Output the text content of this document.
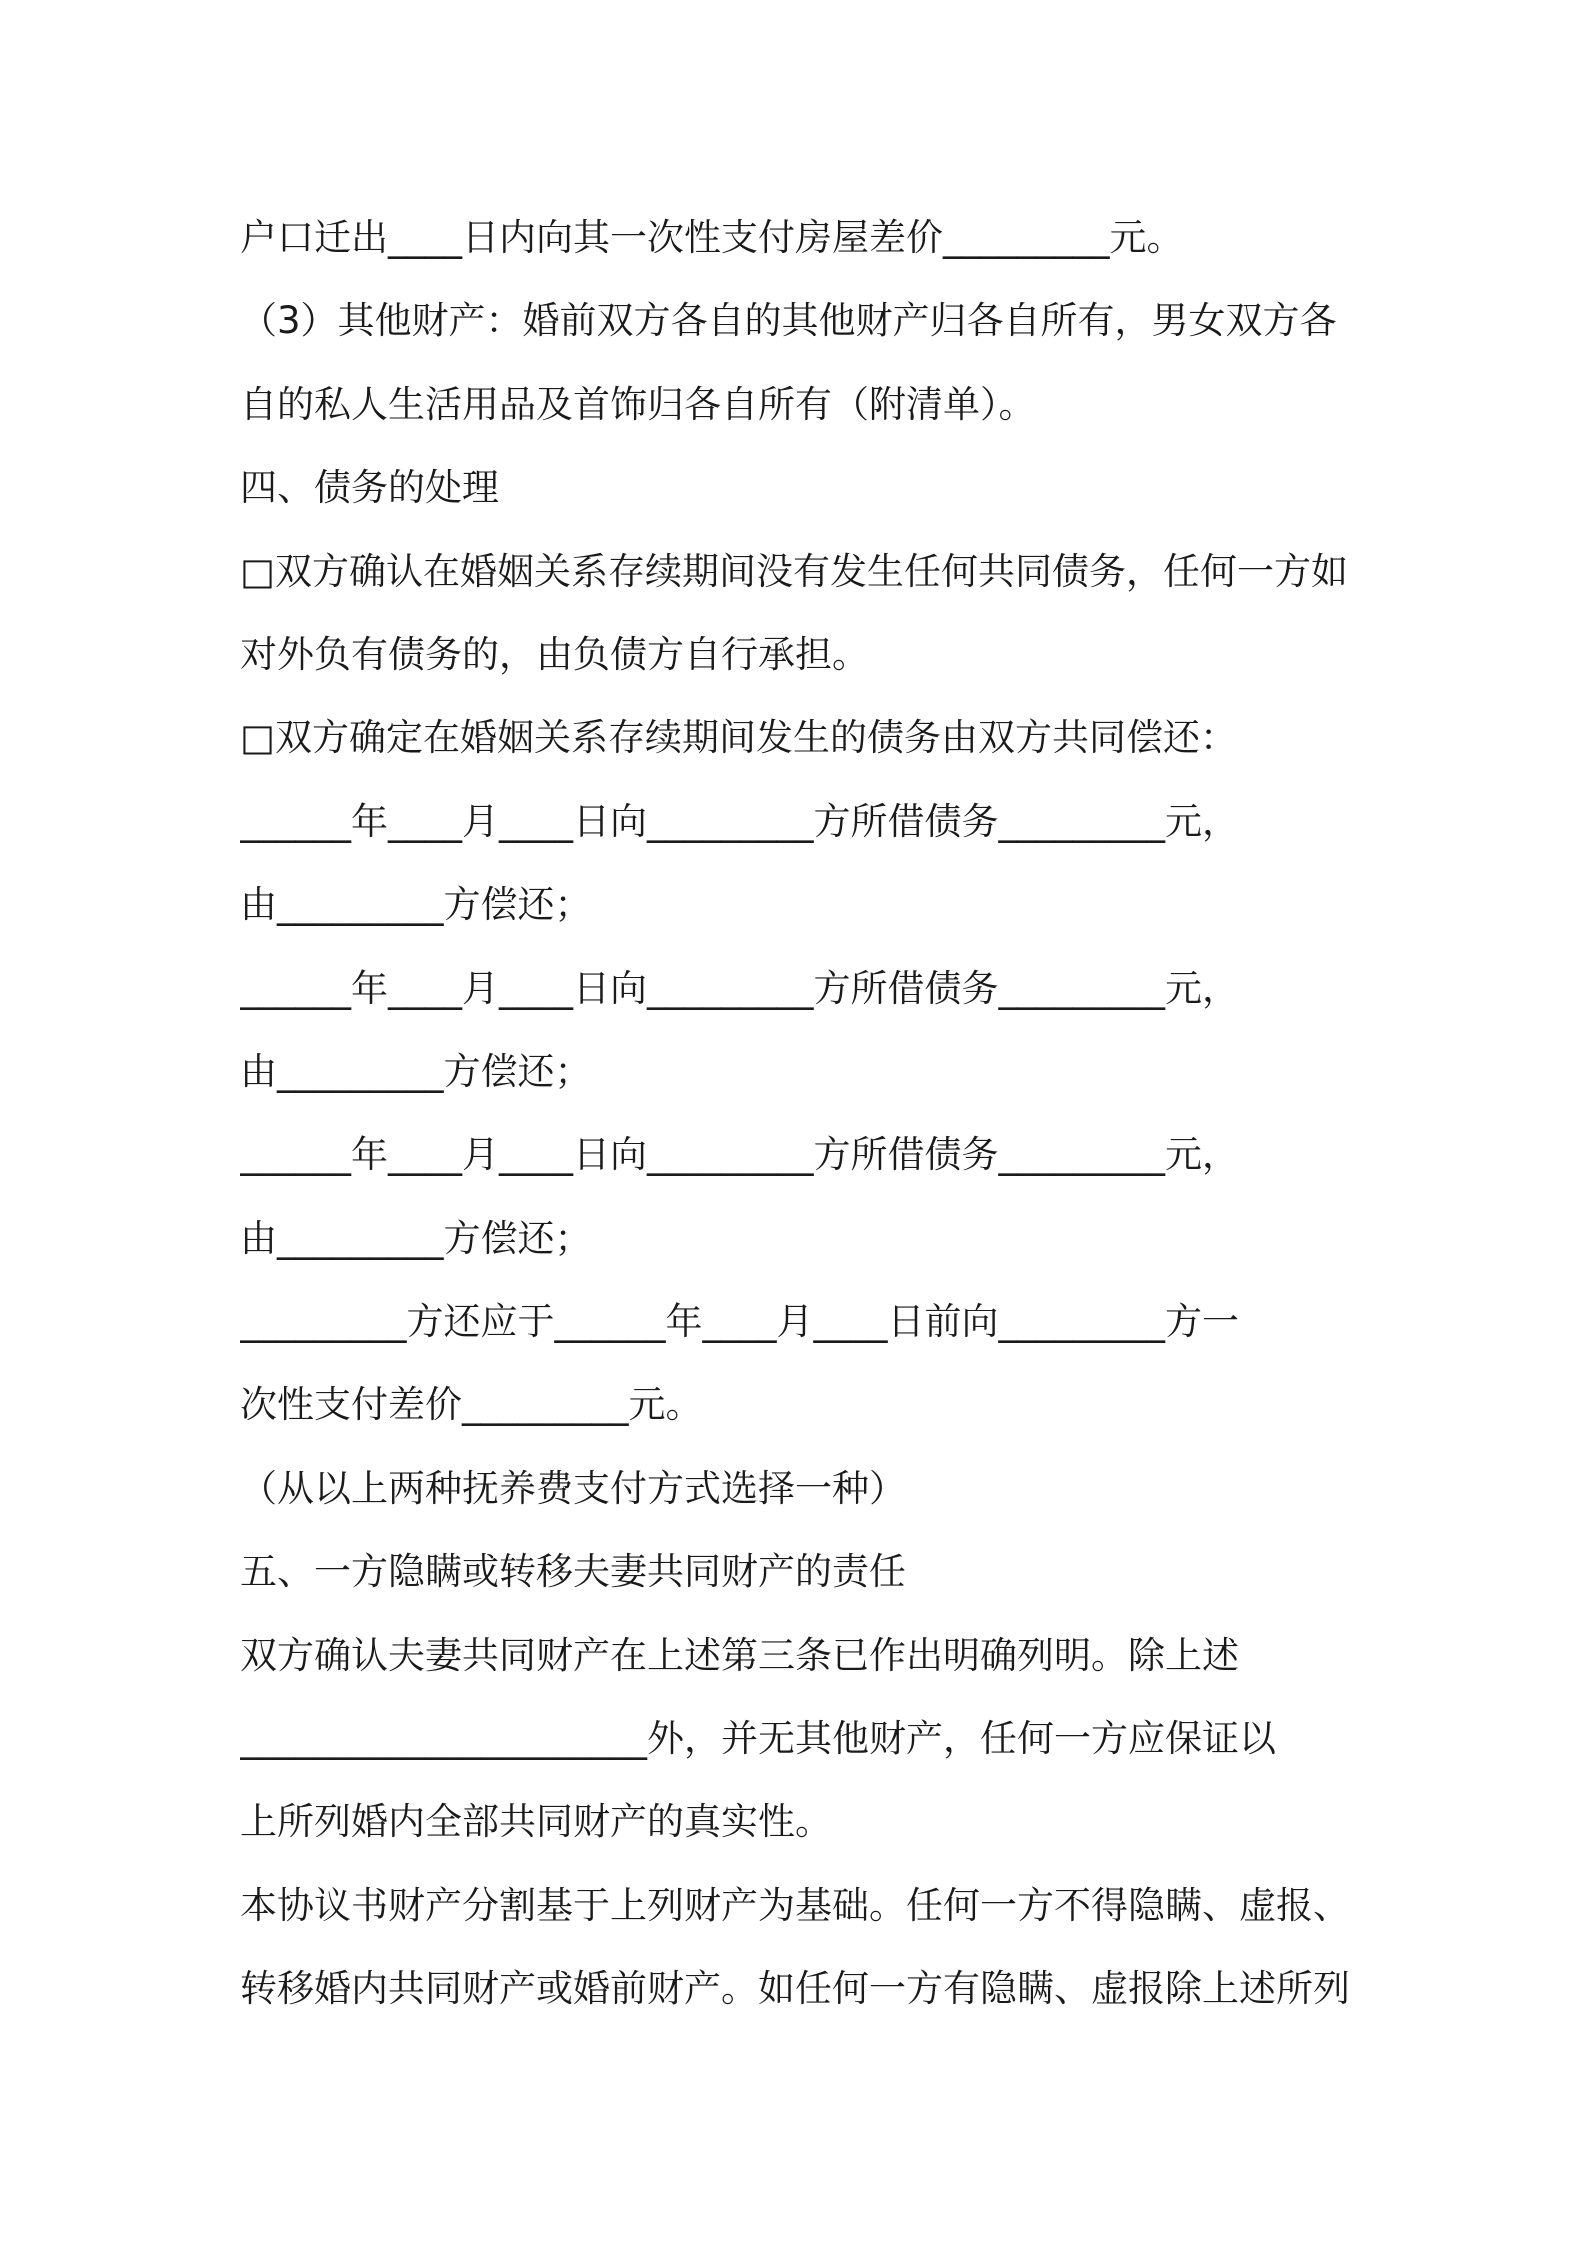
户口迁出____日内向其一次性支付房屋差价_________元。
（3）其他财产：婚前双方各自的其他财产归各自所有，男女双方各
自的私人生活用品及首饰归各自所有（附清单）。
四、债务的处理
□双方确认在婚姻关系存续期间没有发生任何共同债务，任何一方如
对外负有债务的，由负债方自行承担。
□双方确定在婚姻关系存续期间发生的债务由双方共同偿还：
______年____月____日向_________方所借债务_________元，
由_________方偿还；
______年____月____日向_________方所借债务_________元，
由_________方偿还；
______年____月____日向_________方所借债务_________元，
由_________方偿还；
_________方还应于______年____月____日前向_________方一
次性支付差价_________元。
（从以上两种抚养费支付方式选择一种）
五、一方隐瞒或转移夫妻共同财产的责任
双方确认夫妻共同财产在上述第三条已作出明确列明。除上述
______________________外，并无其他财产，任何一方应保证以
上所列婚内全部共同财产的真实性。
本协议书财产分割基于上列财产为基础。任何一方不得隐瞒、虚报、
转移婚内共同财产或婚前财产。如任何一方有隐瞒、虚报除上述所列
